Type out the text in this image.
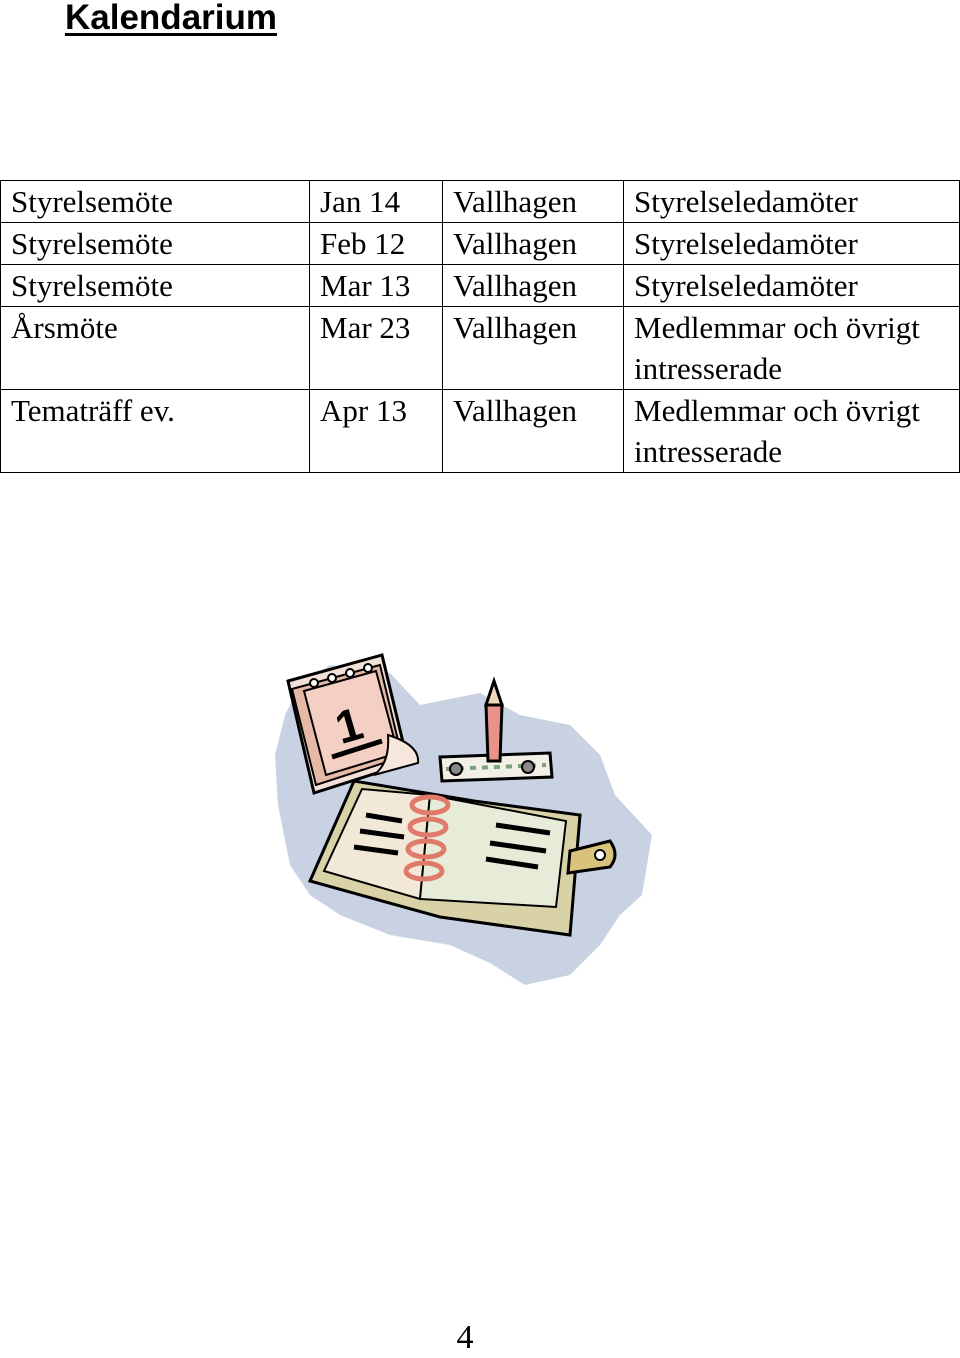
Kalendarium
Styrelsemöte	Jan 14	Vallhagen	Styrelseledamöter
Styrelsemöte	Feb 12	Vallhagen	Styrelseledamöter
Styrelsemöte	Mar 13	Vallhagen	Styrelseledamöter
Årsmöte	Mar 23	Vallhagen	Medlemmar och övrigt intresserade
Tematräff ev.	Apr 13	Vallhagen	Medlemmar och övrigt intresserade
1
4
